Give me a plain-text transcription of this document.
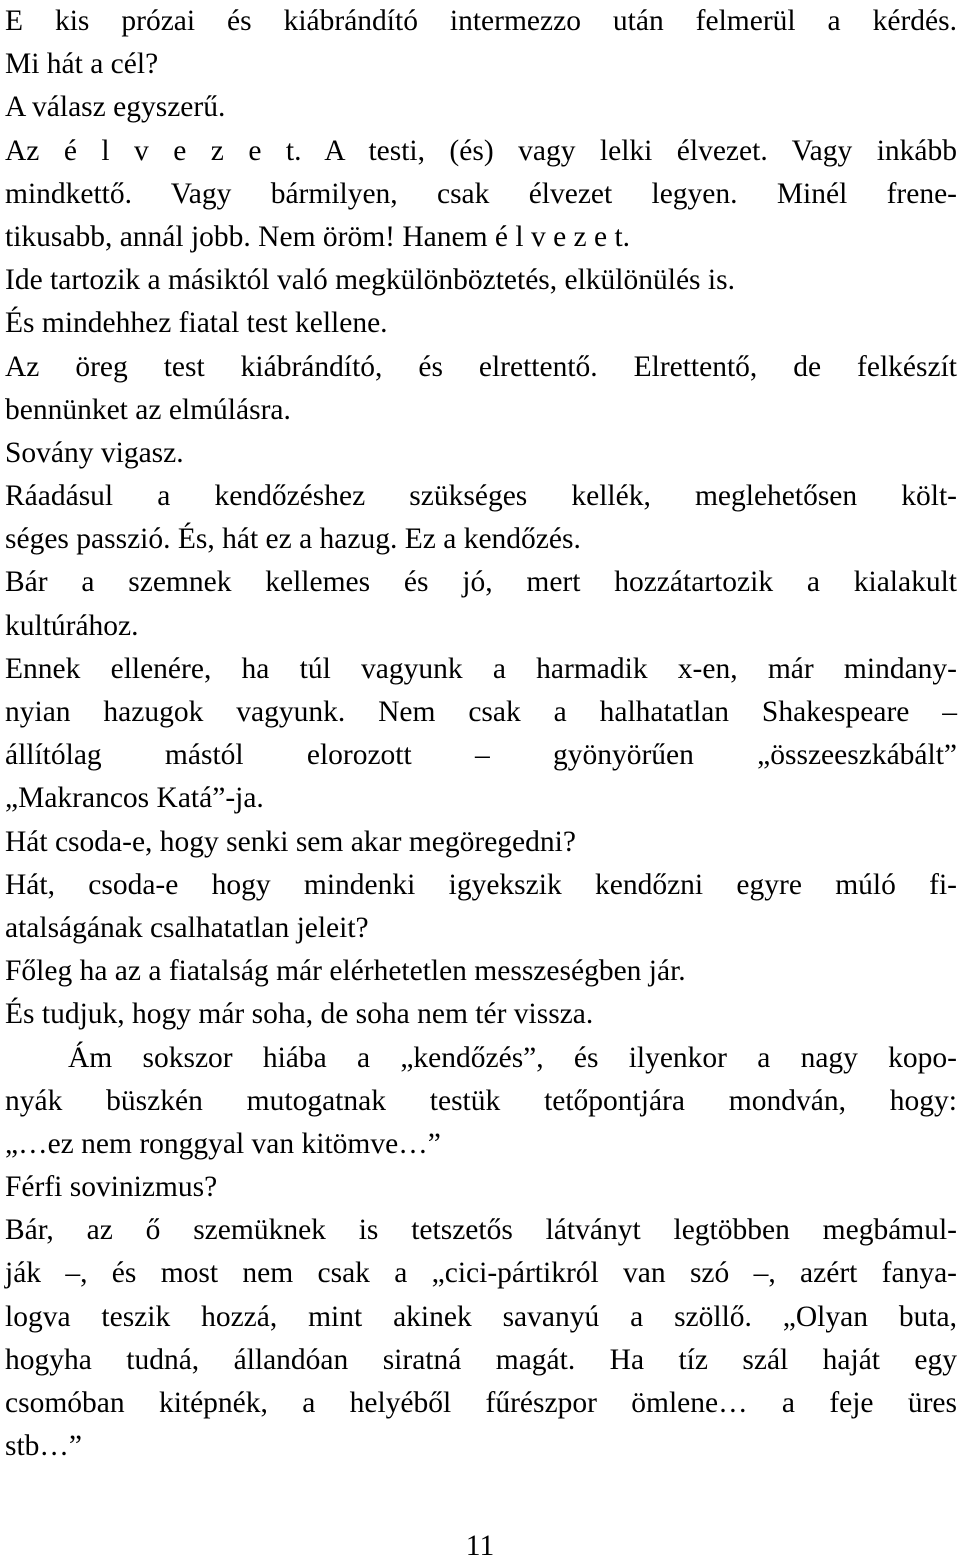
E kis prózai és kiábrándító intermezzo után felmerül a kérdés.
Mi hát a cél?
A válasz egyszerű.
Az é l v e z e t. A testi, (és) vagy lelki élvezet. Vagy inkább
mindkettő. Vagy bármilyen, csak élvezet legyen. Minél frene-
tikusabb, annál jobb. Nem öröm! Hanem é l v e z e t.
Ide tartozik a másiktól való megkülönböztetés, elkülönülés is.
És mindehhez fiatal test kellene.
Az öreg test kiábrándító, és elrettentő. Elrettentő, de felkészít
bennünket az elmúlásra.
Sovány vigasz.
Ráadásul a kendőzéshez szükséges kellék, meglehetősen költ-
séges passzió. És, hát ez a hazug. Ez a kendőzés.
Bár a szemnek kellemes és jó, mert hozzátartozik a kialakult
kultúrához.
Ennek ellenére, ha túl vagyunk a harmadik x-en, már mindany-
nyian hazugok vagyunk. Nem csak a halhatatlan Shakespeare –
állítólag mástól elorozott – gyönyörűen „összeeszkábált”
„Makrancos Katá”-ja.
Hát csoda-e, hogy senki sem akar megöregedni?
Hát, csoda-e hogy mindenki igyekszik kendőzni egyre múló fi-
atalságának csalhatatlan jeleit?
Főleg ha az a fiatalság már elérhetetlen messzeségben jár.
És tudjuk, hogy már soha, de soha nem tér vissza.
Ám sokszor hiába a „kendőzés”, és ilyenkor a nagy kopo-
nyák büszkén mutogatnak testük tetőpontjára mondván, hogy:
„…ez nem ronggyal van kitömve…”
Férfi sovinizmus?
Bár, az ő szemüknek is tetszetős látványt legtöbben megbámul-
ják –, és most nem csak a „cici-pártikról van szó –, azért fanya-
logva teszik hozzá, mint akinek savanyú a szöllő. „Olyan buta,
hogyha tudná, állandóan siratná magát. Ha tíz szál haját egy
csomóban kitépnék, a helyéből fűrészpor ömlene… a feje üres
stb…”
11
